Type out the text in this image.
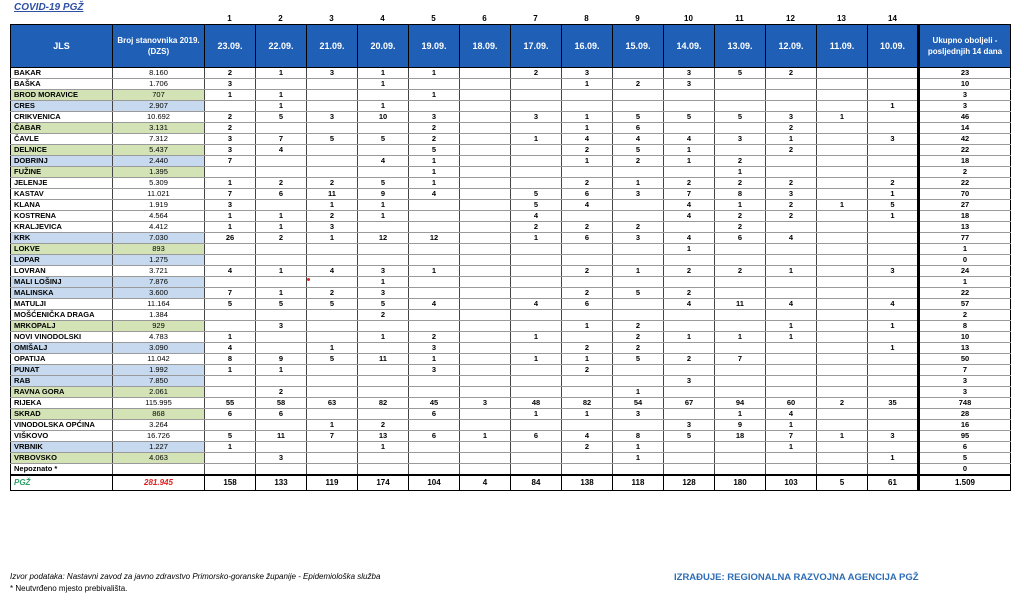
COVID-19 PGŽ
1	2	3	4	5	6	7	8	9	10	11	12	13	14
JLS	Broj stanovnika 2019. (DZS)	23.09.	22.09.	21.09.	20.09.	19.09.	18.09.	17.09.	16.09.	15.09.	14.09.	13.09.	12.09.	11.09.	10.09.	Ukupno oboljeli - posljednjih 14 dana
BAKAR	8.160	2	1	3	1	1		2	3		3	5	2			23
BAŠKA	1.706	3			1				1	2	3					10
BROD MORAVICE	707	1	1			1										3
CRES	2.907		1		1										1	3
CRIKVENICA	10.692	2	5	3	10	3		3	1	5	5	5	3	1		46
ČABAR	3.131	2				2			1	6			2			14
ČAVLE	7.312	3	7	5	5	2		1	4	4	4	3	1		3	42
DELNICE	5.437	3	4			5			2	5	1		2			22
DOBRINJ	2.440	7			4	1			1	2	1	2				18
FUŽINE	1.395					1						1				2
JELENJE	5.309	1	2	2	5	1			2	1	2	2	2		2	22
KASTAV	11.021	7	6	11	9	4		5	6	3	7	8	3		1	70
KLANA	1.919	3		1	1			5	4		4	1	2	1	5	27
KOSTRENA	4.564	1	1	2	1			4			4	2	2		1	18
KRALJEVICA	4.412	1	1	3				2	2	2		2				13
KRK	7.030	26	2	1	12	12		1	6	3	4	6	4			77
LOKVE	893										1					1
LOPAR	1.275															0
LOVRAN	3.721	4	1	4	3	1			2	1	2	2	1		3	24
MALI LOŠINJ	7.876				1											1
MALINSKA	3.600	7	1	2	3				2	5	2					22
MATULJI	11.164	5	5	5	5	4		4	6		4	11	4		4	57
MOŠĆENIČKA DRAGA	1.384				2											2
MRKOPALJ	929		3						1	2			1		1	8
NOVI VINODOLSKI	4.783	1			1	2		1		2	1	1	1			10
OMIŠALJ	3.090	4		1		3			2	2					1	13
OPATIJA	11.042	8	9	5	11	1		1	1	5	2	7				50
PUNAT	1.992	1	1			3			2							7
RAB	7.850										3					3
RAVNA GORA	2.061		2							1						3
RIJEKA	115.995	55	58	63	82	45	3	48	82	54	67	94	60	2	35	748
SKRAD	868	6	6			6		1	1	3		1	4			28
VINODOLSKA OPĆINA	3.264			1	2						3	9	1			16
VIŠKOVO	16.726	5	11	7	13	6	1	6	4	8	5	18	7	1	3	95
VRBNIK	1.227	1			1				2	1			1			6
VRBOVSKO	4.063		3							1					1	5
Nepoznato *																0
PGŽ	281.945	158	133	119	174	104	4	84	138	118	128	180	103	5	61	1.509
Izvor podataka: Nastavni zavod za javno zdravstvo Primorsko-goranske županije - Epidemiološka služba
* Neutvrđeno mjesto prebivališta.
IZRAĐUJE: REGIONALNA RAZVOJNA AGENCIJA PGŽ
